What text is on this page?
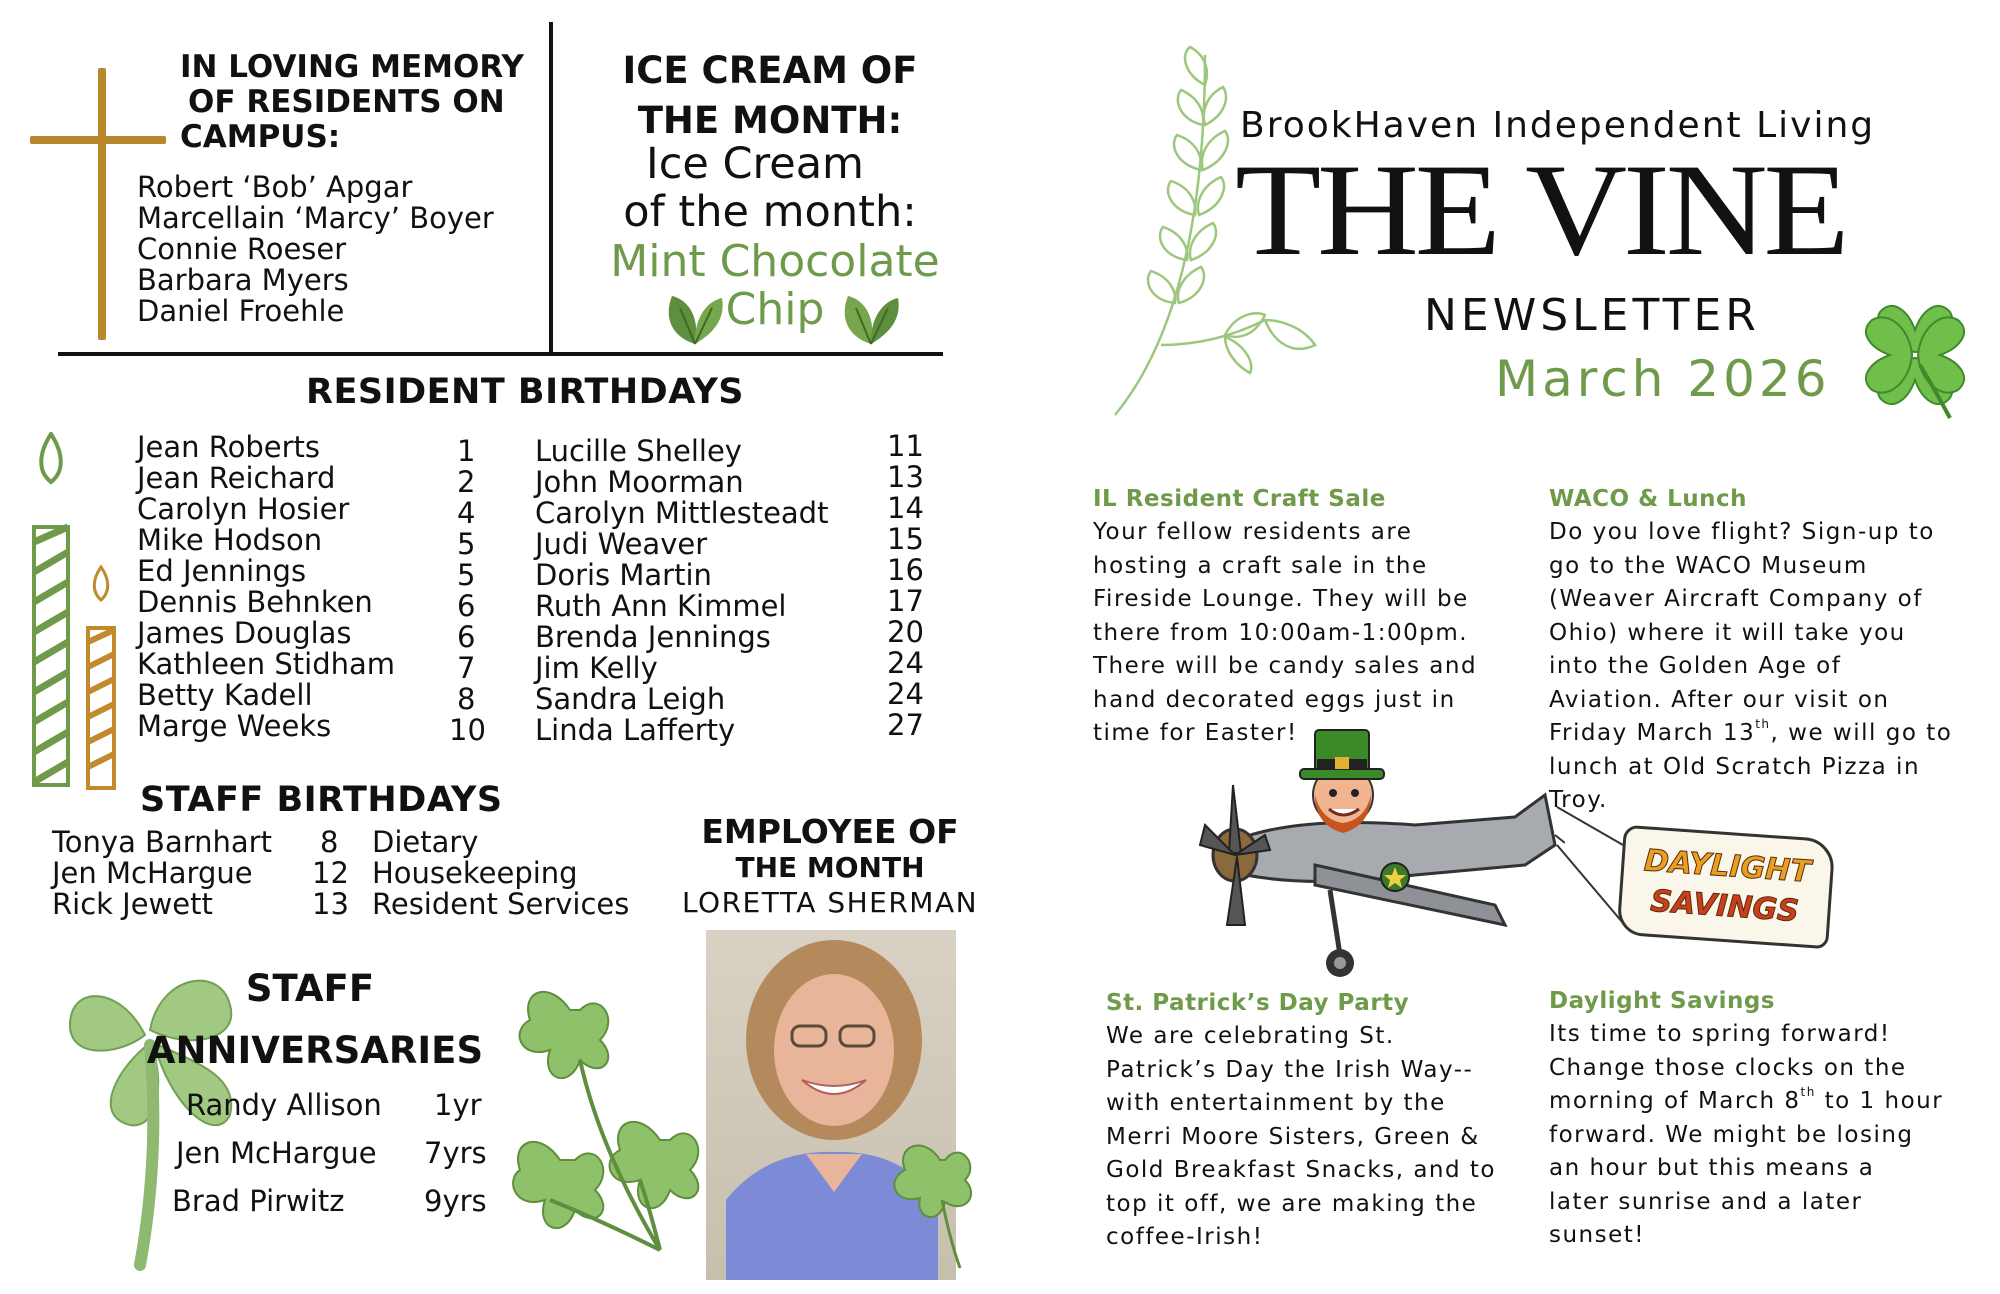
IN LOVING MEMORY
OF RESIDENTS ON
CAMPUS:
Robert ‘Bob’ Apgar
Marcellain ‘Marcy’ Boyer
Connie Roeser
Barbara Myers
Daniel Froehle
ICE CREAM OF
THE MONTH:
Ice Cream
of the month:
Mint Chocolate
Chip
RESIDENT BIRTHDAYS
Jean Roberts	1
Jean Reichard	2
Carolyn Hosier	4
Mike Hodson	5
Ed Jennings	5
Dennis Behnken	6
James Douglas	6
Kathleen Stidham 7
Betty Kadell	8
Marge Weeks	10
Lucille Shelley	11
John Moorman	13
Carolyn Mittlesteadt 14
Judi Weaver	15
Doris Martin	16
Ruth Ann Kimmel	17
Brenda Jennings	20
Jim Kelly	24
Sandra Leigh	24
Linda Lafferty	27
STAFF BIRTHDAYS
Tonya Barnhart 8 Dietary
Jen McHargue 12 Housekeeping
Rick Jewett	13 Resident Services
EMPLOYEE OF
THE MONTH
LORETTA SHERMAN
STAFF
ANNIVERSARIES
Randy Allison 1yr
Jen McHargue 7yrs
Brad Pirwitz	9yrs
BrookHaven Independent Living
THE VINE
NEWSLETTER
March 2026
IL Resident Craft Sale
Your fellow residents are
hosting a craft sale in the
Fireside Lounge. They will be
there from 10:00am-1:00pm.
There will be candy sales and
hand decorated eggs just in
time for Easter!
WACO & Lunch
Do you love flight? Sign-up to
go to the WACO Museum
(Weaver Aircraft Company of
Ohio) where it will take you
into the Golden Age of
Aviation. After our visit on
Friday March 13th, we will go to
lunch at Old Scratch Pizza in
Troy.
DAYLIGHT
SAVINGS
St. Patrick’s Day Party
We are celebrating St.
Patrick’s Day the Irish Way--
with entertainment by the
Merri Moore Sisters, Green &
Gold Breakfast Snacks, and to
top it off, we are making the
coffee-Irish!
Daylight Savings
Its time to spring forward!
Change those clocks on the
morning of March 8th to 1 hour
forward. We might be losing
an hour but this means a
later sunrise and a later
sunset!
